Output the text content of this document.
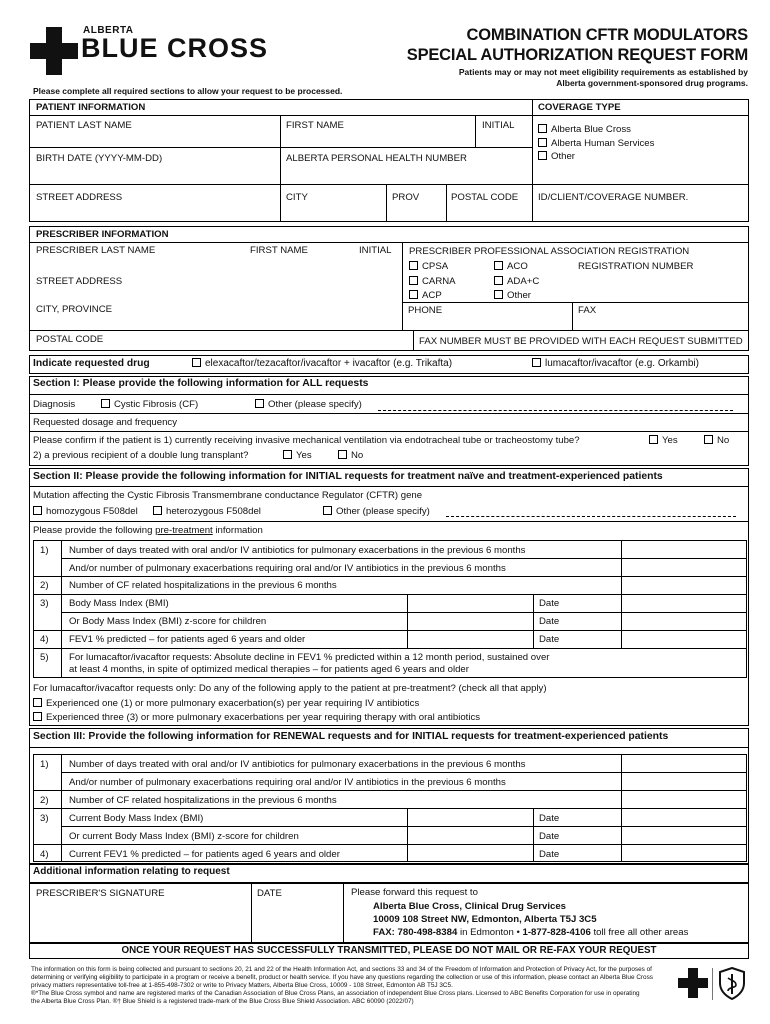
ALBERTA
BLUE CROSS	COMBINATION CFTR MODULATORS
SPECIAL AUTHORIZATION REQUEST FORM
Patients may or may not meet eligibility requirements as established by
Alberta government-sponsored drug programs.
Please complete all required sections to allow your request to be processed.
PATIENT INFORMATION	COVERAGE TYPE
PATIENT LAST NAME	FIRST NAME	INITIAL
BIRTH DATE (YYYY-MM-DD)	ALBERTA PERSONAL HEALTH NUMBER
STREET ADDRESS	CITY	PROV	POSTAL CODE
Alberta Blue Cross
Alberta Human Services
Other
ID/CLIENT/COVERAGE NUMBER.
PRESCRIBER INFORMATION
PRESCRIBER LAST NAME	FIRST NAME	INITIAL PRESCRIBER PROFESSIONAL ASSOCIATION REGISTRATION
CPSA	ACO
CARNA	ADA+C
ACP	Other
REGISTRATION NUMBER
STREET ADDRESS
CITY, PROVINCE	PHONE	FAX
POSTAL CODE	FAX NUMBER MUST BE PROVIDED WITH EACH REQUEST SUBMITTED
Indicate requested drug	elexacaftor/tezacaftor/ivacaftor + ivacaftor (e.g. Trikafta)	lumacaftor/ivacaftor (e.g. Orkambi)
Section I: Please provide the following information for ALL requests
Diagnosis	Cystic Fibrosis (CF)	Other (please specify)
Requested dosage and frequency
Please confirm if the patient is 1) currently receiving invasive mechanical ventilation via endotracheal tube or tracheostomy tube?	Yes	No
2) a previous recipient of a double lung transplant?	Yes	No
Section II: Please provide the following information for INITIAL requests for treatment naïve and treatment-experienced patients
Mutation affecting the Cystic Fibrosis Transmembrane conductance Regulator (CFTR) gene
homozygous F508del	heterozygous F508del	Other (please specify)
Please provide the following pre-treatment information
1) Number of days treated with oral and/or IV antibiotics for pulmonary exacerbations in the previous 6 months
And/or number of pulmonary exacerbations requiring oral and/or IV antibiotics in the previous 6 months
2) Number of CF related hospitalizations in the previous 6 months
3) Body Mass Index (BMI)	Date
Or Body Mass Index (BMI) z-score for children	Date
4) FEV1 % predicted – for patients aged 6 years and older	Date
5) For lumacaftor/ivacaftor requests: Absolute decline in FEV1 % predicted within a 12 month period, sustained over
at least 4 months, in spite of optimized medical therapies – for patients aged 6 years and older
For lumacaftor/ivacaftor requests only: Do any of the following apply to the patient at pre-treatment? (check all that apply)
Experienced one (1) or more pulmonary exacerbation(s) per year requiring IV antibiotics
Experienced three (3) or more pulmonary exacerbations per year requiring therapy with oral antibiotics
Section III: Provide the following information for RENEWAL requests and for INITIAL requests for treatment-experienced patients
1) Number of days treated with oral and/or IV antibiotics for pulmonary exacerbations in the previous 6 months
And/or number of pulmonary exacerbations requiring oral and/or IV antibiotics in the previous 6 months
2) Number of CF related hospitalizations in the previous 6 months
3) Current Body Mass Index (BMI)	Date
Or current Body Mass Index (BMI) z-score for children	Date
4) Current FEV1 % predicted – for patients aged 6 years and older	Date
Additional information relating to request
PRESCRIBER'S SIGNATURE	DATE	Please forward this request to
Alberta Blue Cross, Clinical Drug Services
10009 108 Street NW, Edmonton, Alberta T5J 3C5
FAX: 780-498-8384 in Edmonton • 1-877-828-4106 toll free all other areas
ONCE YOUR REQUEST HAS SUCCESSFULLY TRANSMITTED, PLEASE DO NOT MAIL OR RE-FAX YOUR REQUEST
The information on this form is being collected and pursuant to sections 20, 21 and 22 of the Health Information Act, and sections 33 and 34 of the Freedom of Information and Protection of Privacy Act, for the purposes of
determining or verifying eligibility to participate in a program or receive a benefit, product or health service. If you have any questions regarding the collection or use of this information, please contact an Alberta Blue Cross
privacy matters representative toll-free at 1-855-498-7302 or write to Privacy Matters, Alberta Blue Cross, 10009 - 108 Street, Edmonton AB T5J 3C5.
®*The Blue Cross symbol and name are registered marks of the Canadian Association of Blue Cross Plans, an association of independent Blue Cross plans. Licensed to ABC Benefits Corporation for use in operating
the Alberta Blue Cross Plan. ®† Blue Shield is a registered trade-mark of the Blue Cross Blue Shield Association. ABC 60090 (2022/07)
